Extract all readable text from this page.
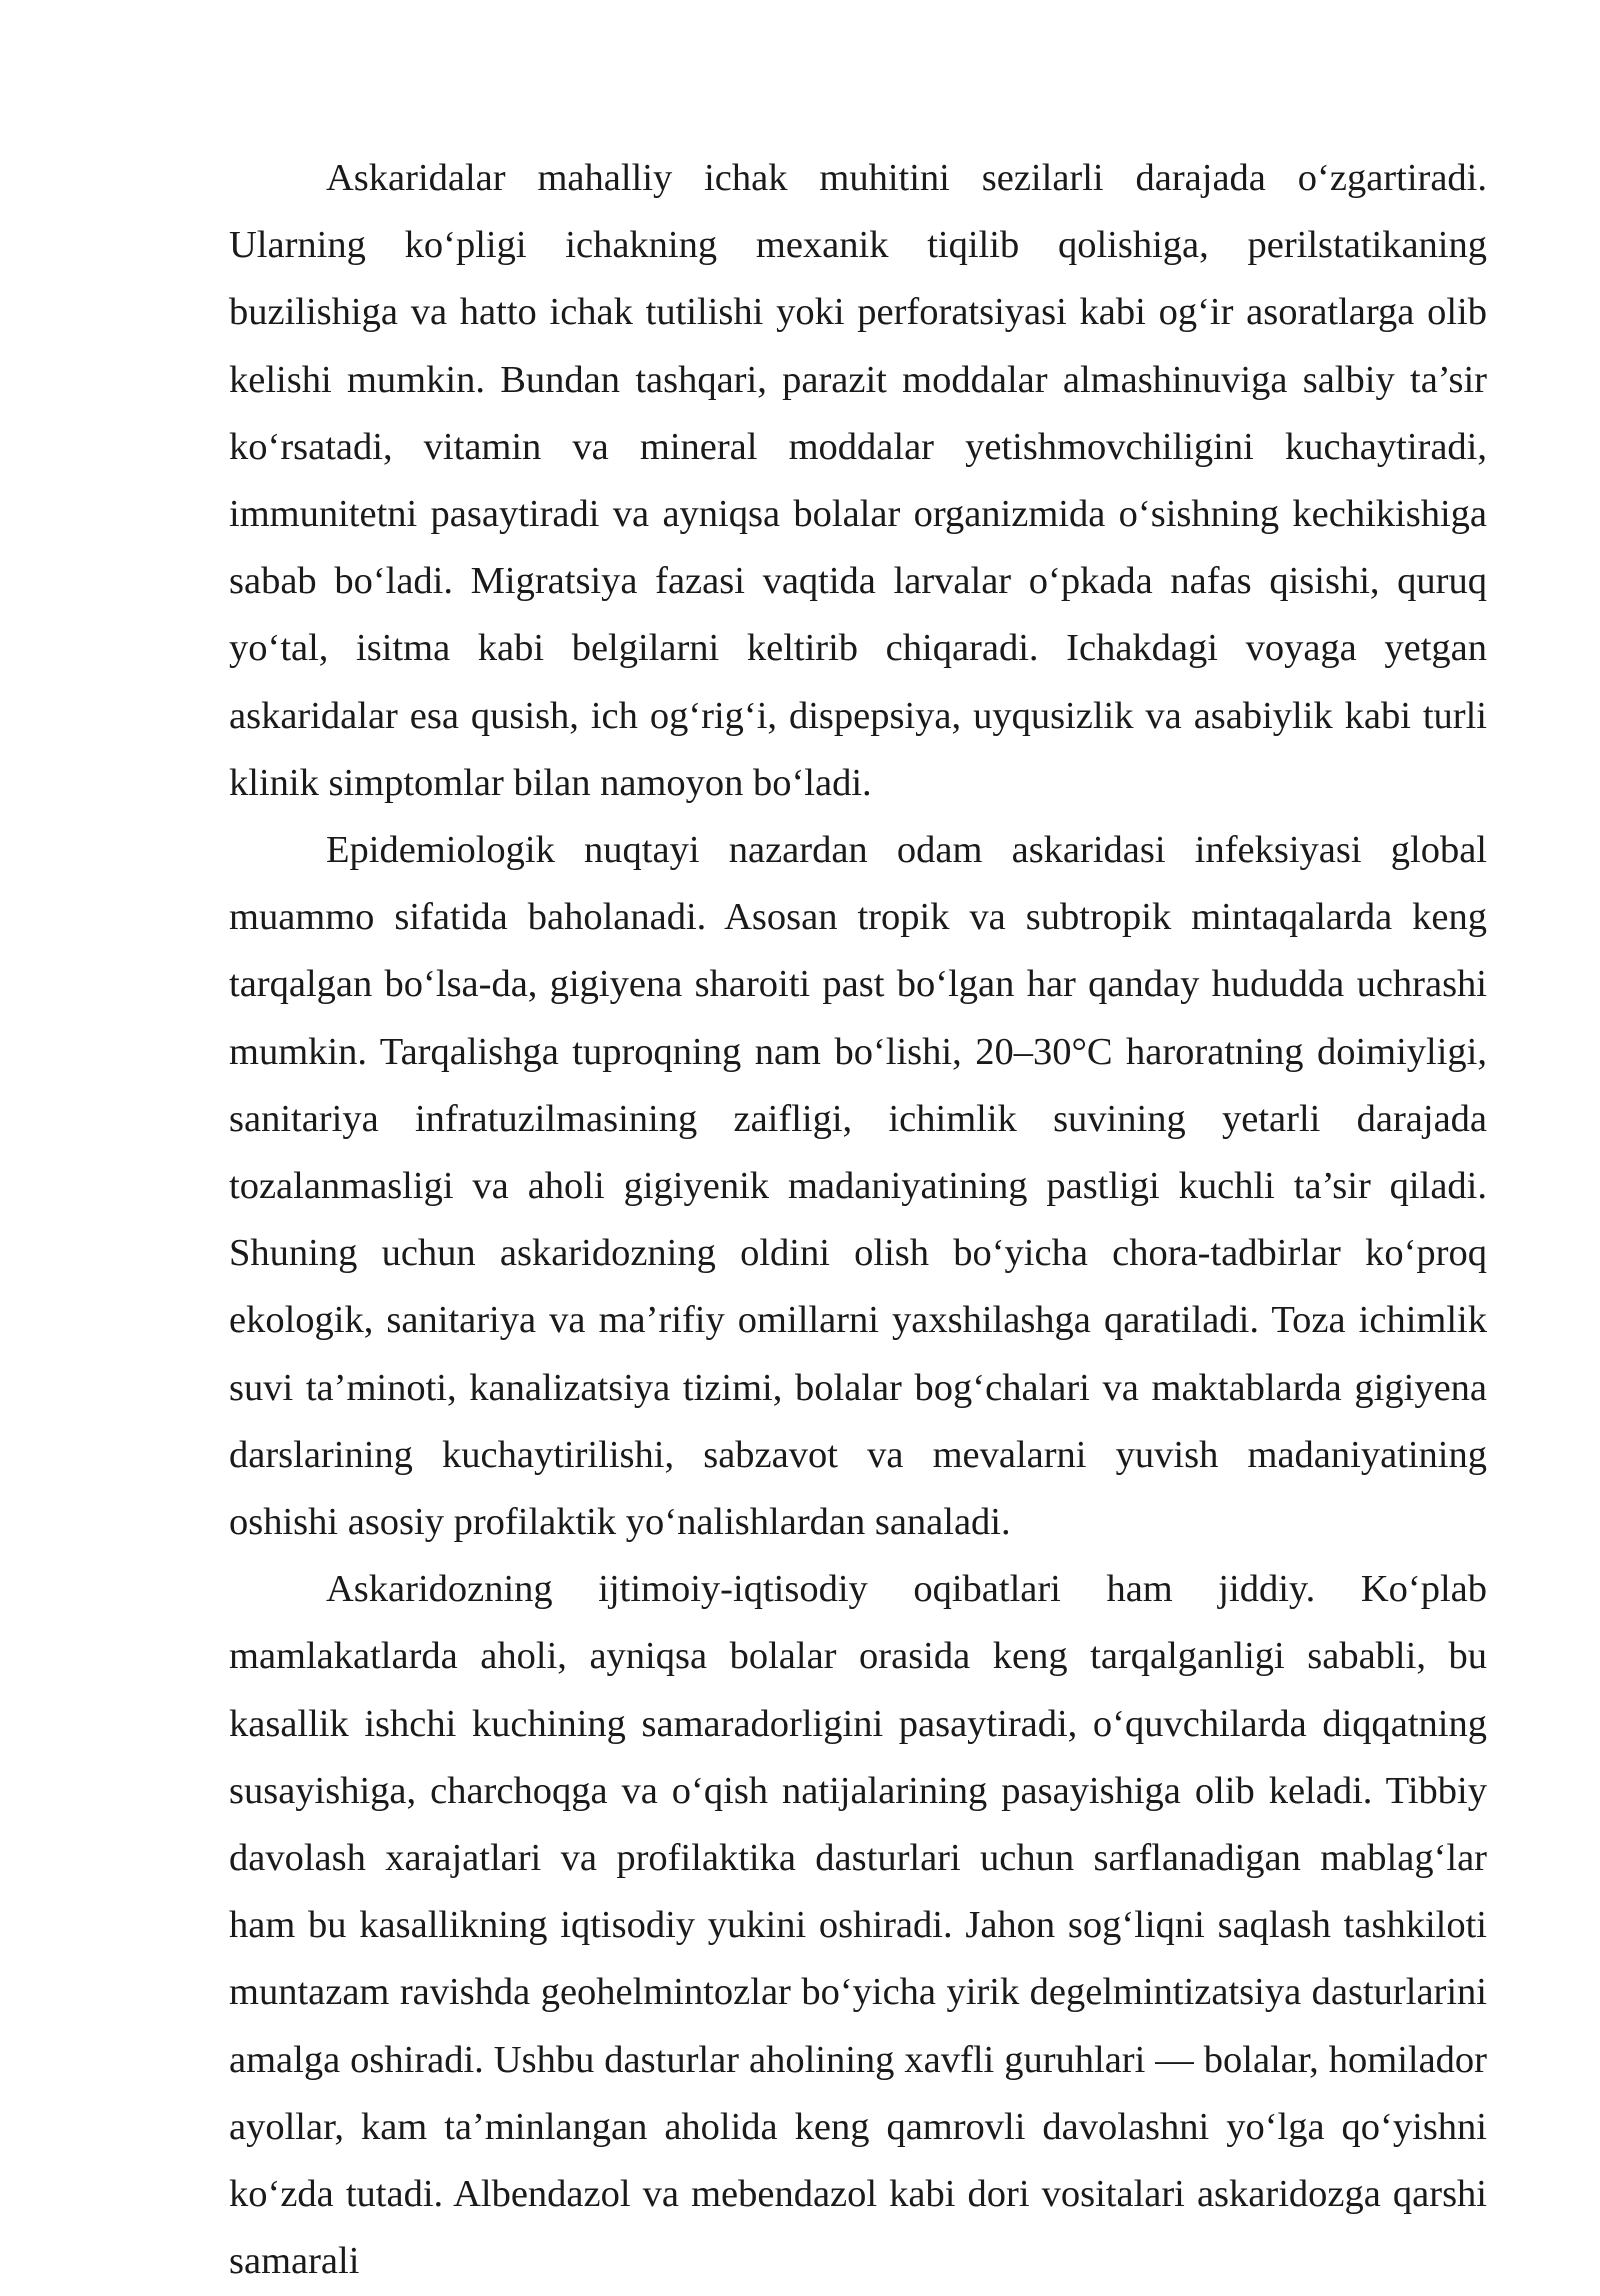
Askaridalar mahalliy ichak muhitini sezilarli darajada o‘zgartiradi. Ularning ko‘pligi ichakning mexanik tiqilib qolishiga, perilstatikaning buzilishiga va hatto ichak tutilishi yoki perforatsiyasi kabi og‘ir asoratlarga olib kelishi mumkin. Bundan tashqari, parazit moddalar almashinuviga salbiy ta’sir ko‘rsatadi, vitamin va mineral moddalar yetishmovchiligini kuchaytiradi, immunitetni pasaytiradi va ayniqsa bolalar organizmida o‘sishning kechikishiga sabab bo‘ladi. Migratsiya fazasi vaqtida larvalar o‘pkada nafas qisishi, quruq yo‘tal, isitma kabi belgilarni keltirib chiqaradi. Ichakdagi voyaga yetgan askaridalar esa qusish, ich og‘rig‘i, dispepsiya, uyqusizlik va asabiylik kabi turli klinik simptomlar bilan namoyon bo‘ladi.

Epidemiologik nuqtayi nazardan odam askaridasi infeksiyasi global muammo sifatida baholanadi. Asosan tropik va subtropik mintaqalarda keng tarqalgan bo‘lsa-da, gigiyena sharoiti past bo‘lgan har qanday hududda uchrashi mumkin. Tarqalishga tuproqning nam bo‘lishi, 20–30°C haroratning doimiyligi, sanitariya infratuzilmasining zaifligi, ichimlik suvining yetarli darajada tozalanmasligi va aholi gigiyenik madaniyatining pastligi kuchli ta’sir qiladi. Shuning uchun askaridozning oldini olish bo‘yicha chora-tadbirlar ko‘proq ekologik, sanitariya va ma’rifiy omillarni yaxshilashga qaratiladi. Toza ichimlik suvi ta’minoti, kanalizatsiya tizimi, bolalar bog‘chalari va maktablarda gigiyena darslarining kuchaytirilishi, sabzavot va mevalarni yuvish madaniyatining oshishi asosiy profilaktik yo‘nalishlardan sanaladi.

Askaridozning ijtimoiy-iqtisodiy oqibatlari ham jiddiy. Ko‘plab mamlakatlarda aholi, ayniqsa bolalar orasida keng tarqalganligi sababli, bu kasallik ishchi kuchining samaradorligini pasaytiradi, o‘quvchilarda diqqatning susayishiga, charchoqga va o‘qish natijalarining pasayishiga olib keladi. Tibbiy davolash xarajatlari va profilaktika dasturlari uchun sarflanadigan mablag‘lar ham bu kasallikning iqtisodiy yukini oshiradi. Jahon sog‘liqni saqlash tashkiloti muntazam ravishda geohelmintozlar bo‘yicha yirik degelmintizatsiya dasturlarini amalga oshiradi. Ushbu dasturlar aholining xavfli guruhlari — bolalar, homilador ayollar, kam ta’minlangan aholida keng qamrovli davolashni yo‘lga qo‘yishni ko‘zda tutadi. Albendazol va mebendazol kabi dori vositalari askaridozga qarshi samarali
